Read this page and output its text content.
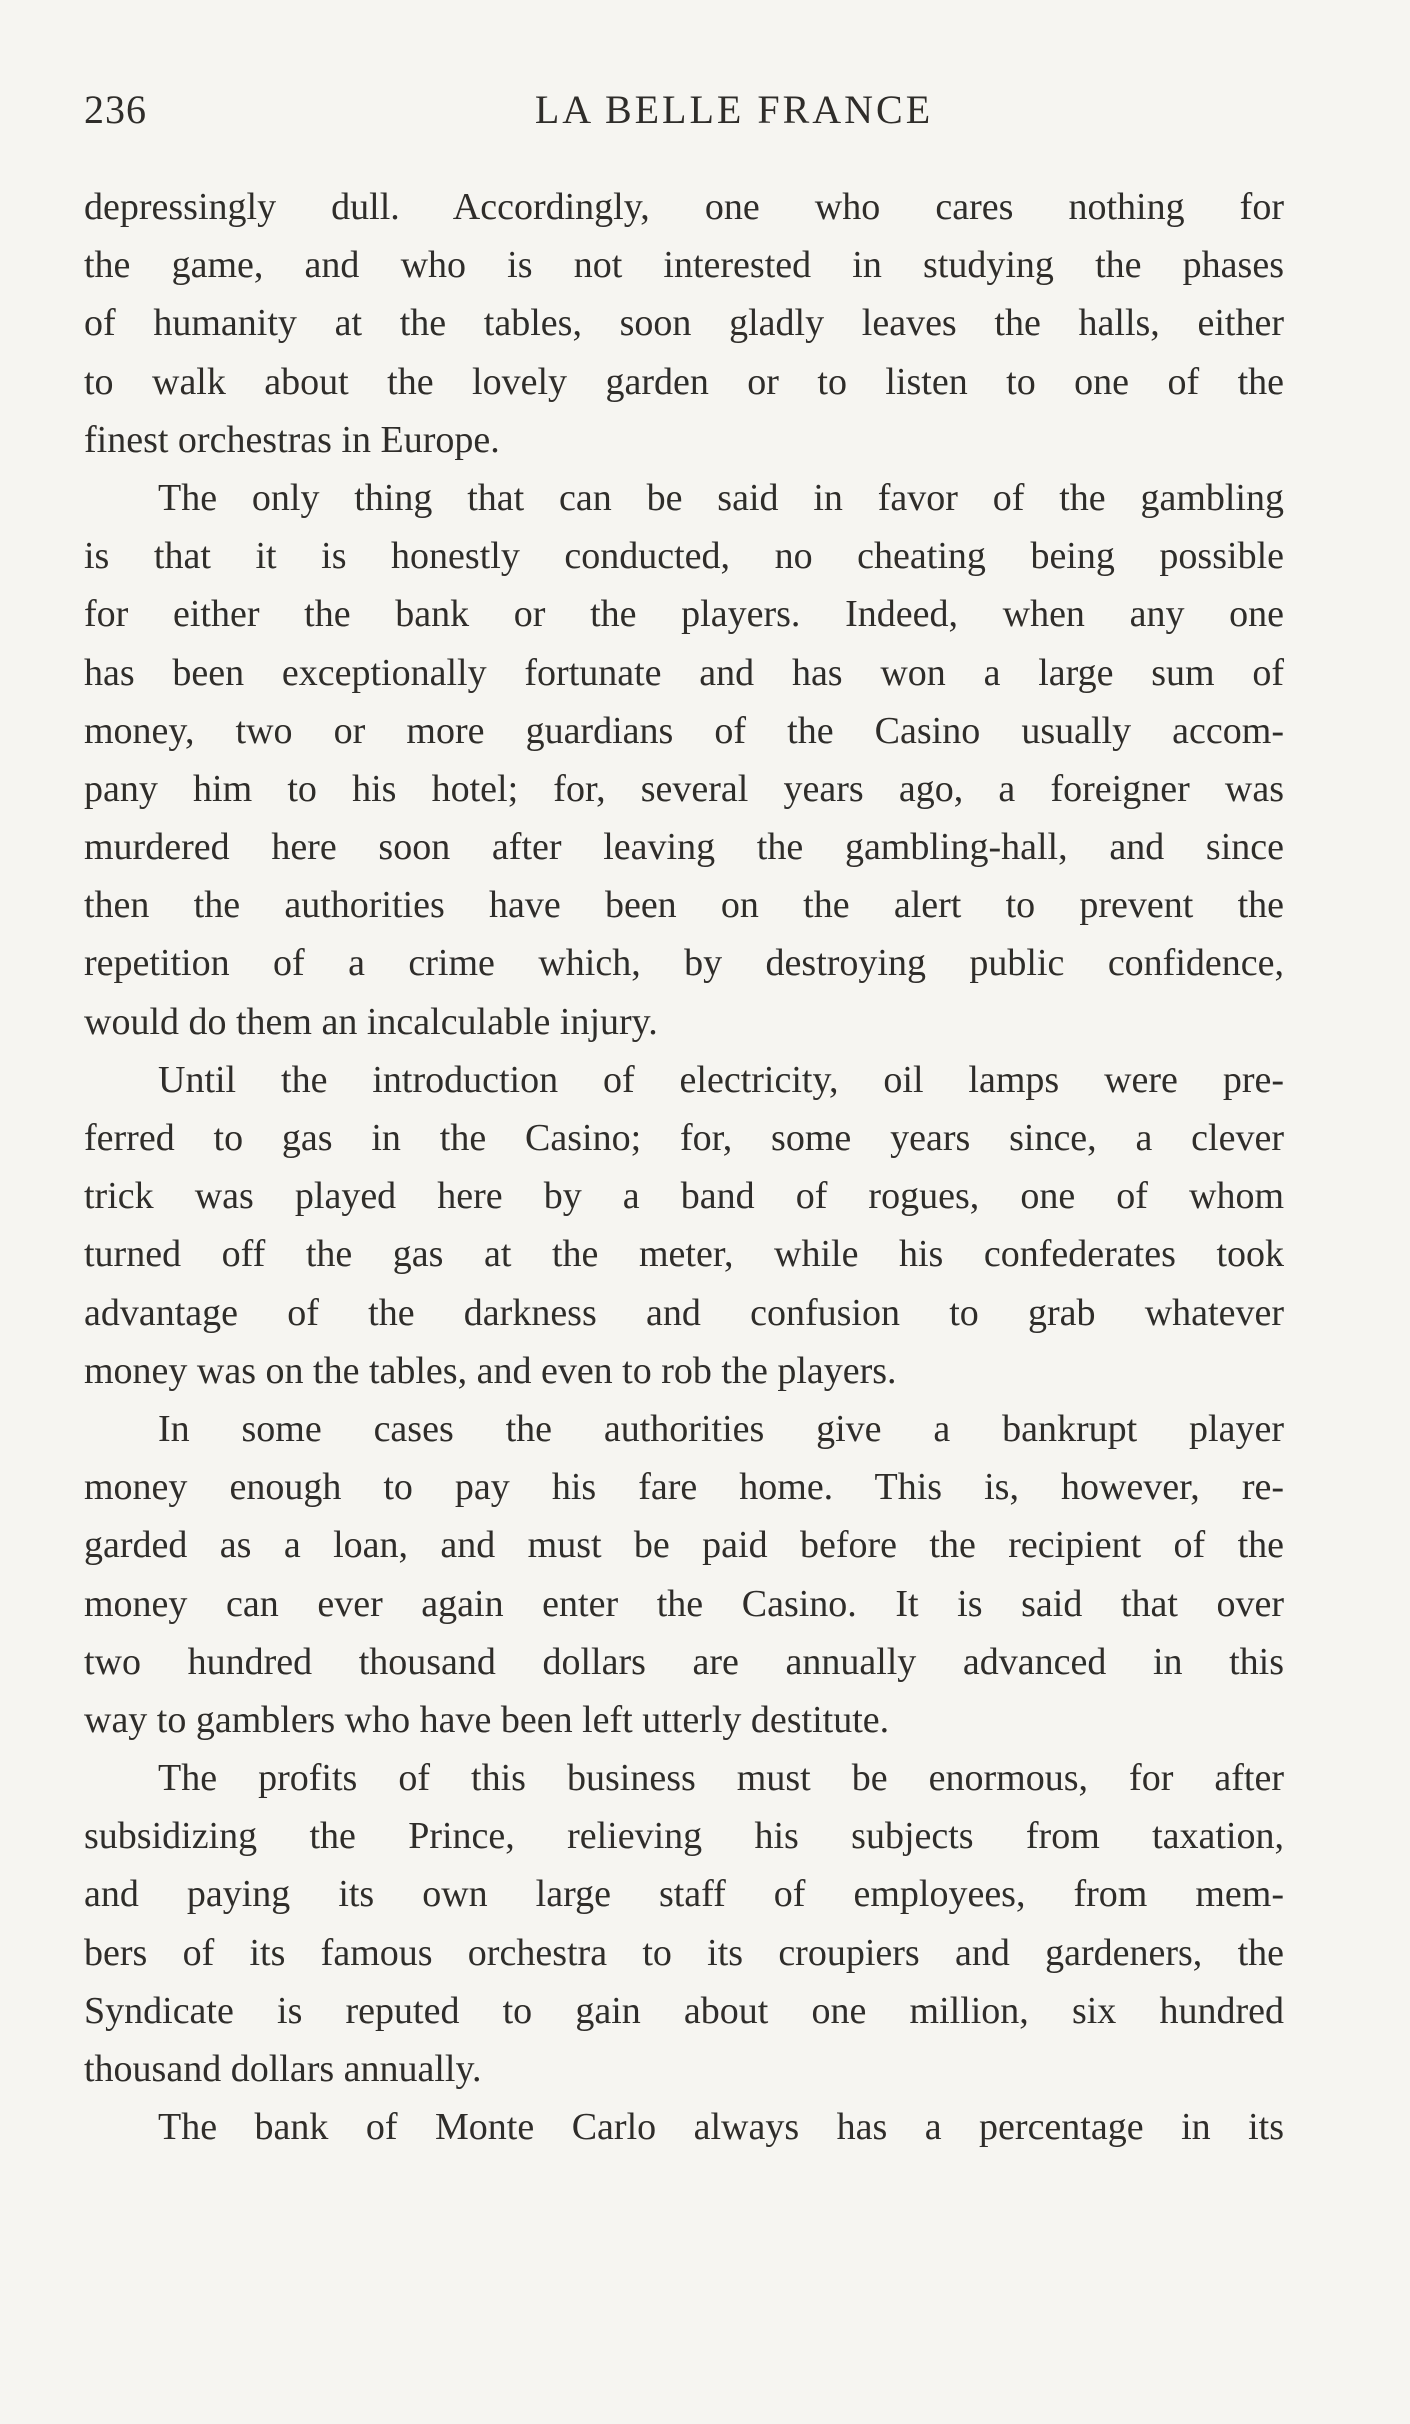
236	LA BELLE FRANCE
depressingly dull. Accordingly, one who cares nothing for
the game, and who is not interested in studying the phases
of humanity at the tables, soon gladly leaves the halls, either
to walk about the lovely garden or to listen to one of the
finest orchestras in Europe.
The only thing that can be said in favor of the gambling
is that it is honestly conducted, no cheating being possible
for either the bank or the players. Indeed, when any one
has been exceptionally fortunate and has won a large sum of
money, two or more guardians of the Casino usually accom-
pany him to his hotel; for, several years ago, a foreigner was
murdered here soon after leaving the gambling-hall, and since
then the authorities have been on the alert to prevent the
repetition of a crime which, by destroying public confidence,
would do them an incalculable injury.
Until the introduction of electricity, oil lamps were pre-
ferred to gas in the Casino; for, some years since, a clever
trick was played here by a band of rogues, one of whom
turned off the gas at the meter, while his confederates took
advantage of the darkness and confusion to grab whatever
money was on the tables, and even to rob the players.
In some cases the authorities give a bankrupt player
money enough to pay his fare home. This is, however, re-
garded as a loan, and must be paid before the recipient of the
money can ever again enter the Casino. It is said that over
two hundred thousand dollars are annually advanced in this
way to gamblers who have been left utterly destitute.
The profits of this business must be enormous, for after
subsidizing the Prince, relieving his subjects from taxation,
and paying its own large staff of employees, from mem-
bers of its famous orchestra to its croupiers and gardeners, the
Syndicate is reputed to gain about one million, six hundred
thousand dollars annually.
The bank of Monte Carlo always has a percentage in its
